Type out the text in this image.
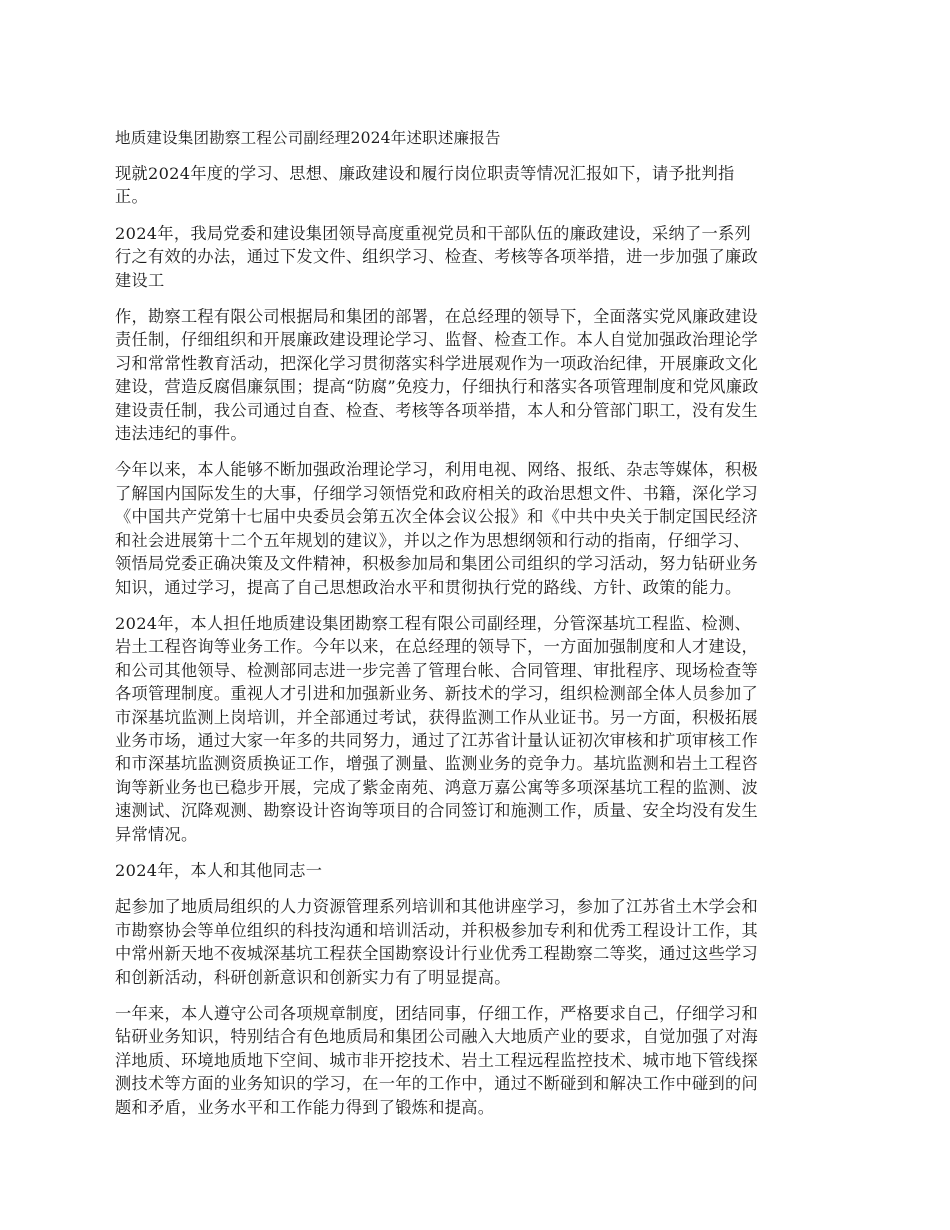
地质建设集团勘察工程公司副经理2024年述职述廉报告

现就2024年度的学习、思想、廉政建设和履行岗位职责等情况汇报如下，请予批判指
正。

2024年，我局党委和建设集团领导高度重视党员和干部队伍的廉政建设，采纳了一系列
行之有效的办法，通过下发文件、组织学习、检查、考核等各项举措，进一步加强了廉政
建设工

作，勘察工程有限公司根据局和集团的部署，在总经理的领导下，全面落实党风廉政建设
责任制，仔细组织和开展廉政建设理论学习、监督、检查工作。本人自觉加强政治理论学
习和常常性教育活动，把深化学习贯彻落实科学进展观作为一项政治纪律，开展廉政文化
建设，营造反腐倡廉氛围；提高“防腐”免疫力，仔细执行和落实各项管理制度和党风廉政
建设责任制，我公司通过自查、检查、考核等各项举措，本人和分管部门职工，没有发生
违法违纪的事件。

今年以来，本人能够不断加强政治理论学习，利用电视、网络、报纸、杂志等媒体，积极
了解国内国际发生的大事，仔细学习领悟党和政府相关的政治思想文件、书籍，深化学习
《中国共产党第十七届中央委员会第五次全体会议公报》和《中共中央关于制定国民经济
和社会进展第十二个五年规划的建议》，并以之作为思想纲领和行动的指南，仔细学习、
领悟局党委正确决策及文件精神，积极参加局和集团公司组织的学习活动，努力钻研业务
知识，通过学习，提高了自己思想政治水平和贯彻执行党的路线、方针、政策的能力。

2024年，本人担任地质建设集团勘察工程有限公司副经理，分管深基坑工程监、检测、
岩土工程咨询等业务工作。今年以来，在总经理的领导下，一方面加强制度和人才建设，
和公司其他领导、检测部同志进一步完善了管理台帐、合同管理、审批程序、现场检查等
各项管理制度。重视人才引进和加强新业务、新技术的学习，组织检测部全体人员参加了
市深基坑监测上岗培训，并全部通过考试，获得监测工作从业证书。另一方面，积极拓展
业务市场，通过大家一年多的共同努力，通过了江苏省计量认证初次审核和扩项审核工作
和市深基坑监测资质换证工作，增强了测量、监测业务的竞争力。基坑监测和岩土工程咨
询等新业务也已稳步开展，完成了紫金南苑、鸿意万嘉公寓等多项深基坑工程的监测、波
速测试、沉降观测、勘察设计咨询等项目的合同签订和施测工作，质量、安全均没有发生
异常情况。

2024年，本人和其他同志一

起参加了地质局组织的人力资源管理系列培训和其他讲座学习，参加了江苏省土木学会和
市勘察协会等单位组织的科技沟通和培训活动，并积极参加专利和优秀工程设计工作，其
中常州新天地不夜城深基坑工程获全国勘察设计行业优秀工程勘察二等奖，通过这些学习
和创新活动，科研创新意识和创新实力有了明显提高。

一年来，本人遵守公司各项规章制度，团结同事，仔细工作，严格要求自己，仔细学习和
钻研业务知识，特别结合有色地质局和集团公司融入大地质产业的要求，自觉加强了对海
洋地质、环境地质地下空间、城市非开挖技术、岩土工程远程监控技术、城市地下管线探
测技术等方面的业务知识的学习，在一年的工作中，通过不断碰到和解决工作中碰到的问
题和矛盾，业务水平和工作能力得到了锻炼和提高。
